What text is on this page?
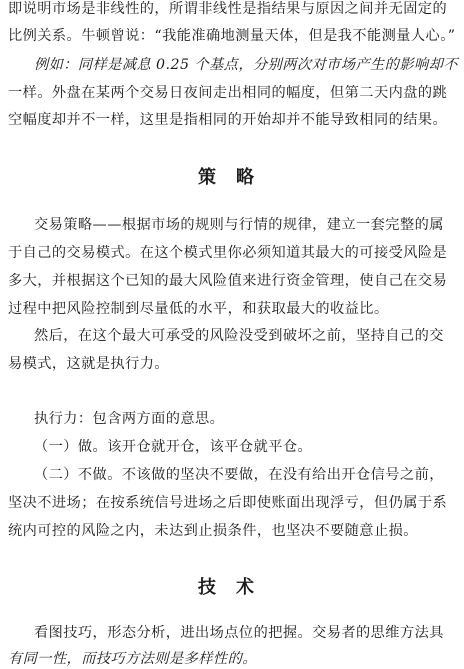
即说明市场是非线性的，所谓非线性是指结果与原因之间并无固定的
比例关系。牛顿曾说：“我能准确地测量天体，但是我不能测量人心。”
例如：同样是减息 0.25 个基点，分别两次对市场产生的影响却不
一样。外盘在某两个交易日夜间走出相同的幅度，但第二天内盘的跳
空幅度却并不一样，这里是指相同的开始却并不能导致相同的结果。
策略
交易策略——根据市场的规则与行情的规律，建立一套完整的属
于自己的交易模式。在这个模式里你必须知道其最大的可接受风险是
多大，并根据这个已知的最大风险值来进行资金管理，使自己在交易
过程中把风险控制到尽量低的水平，和获取最大的收益比。
然后，在这个最大可承受的风险没受到破坏之前，坚持自己的交
易模式，这就是执行力。
执行力：包含两方面的意思。
（一）做。该开仓就开仓，该平仓就平仓。
（二）不做。不该做的坚决不要做，在没有给出开仓信号之前，
坚决不进场；在按系统信号进场之后即使账面出现浮亏，但仍属于系
统内可控的风险之内，未达到止损条件，也坚决不要随意止损。
技术
看图技巧，形态分析，进出场点位的把握。交易者的思维方法具
有同一性，而技巧方法则是多样性的。
